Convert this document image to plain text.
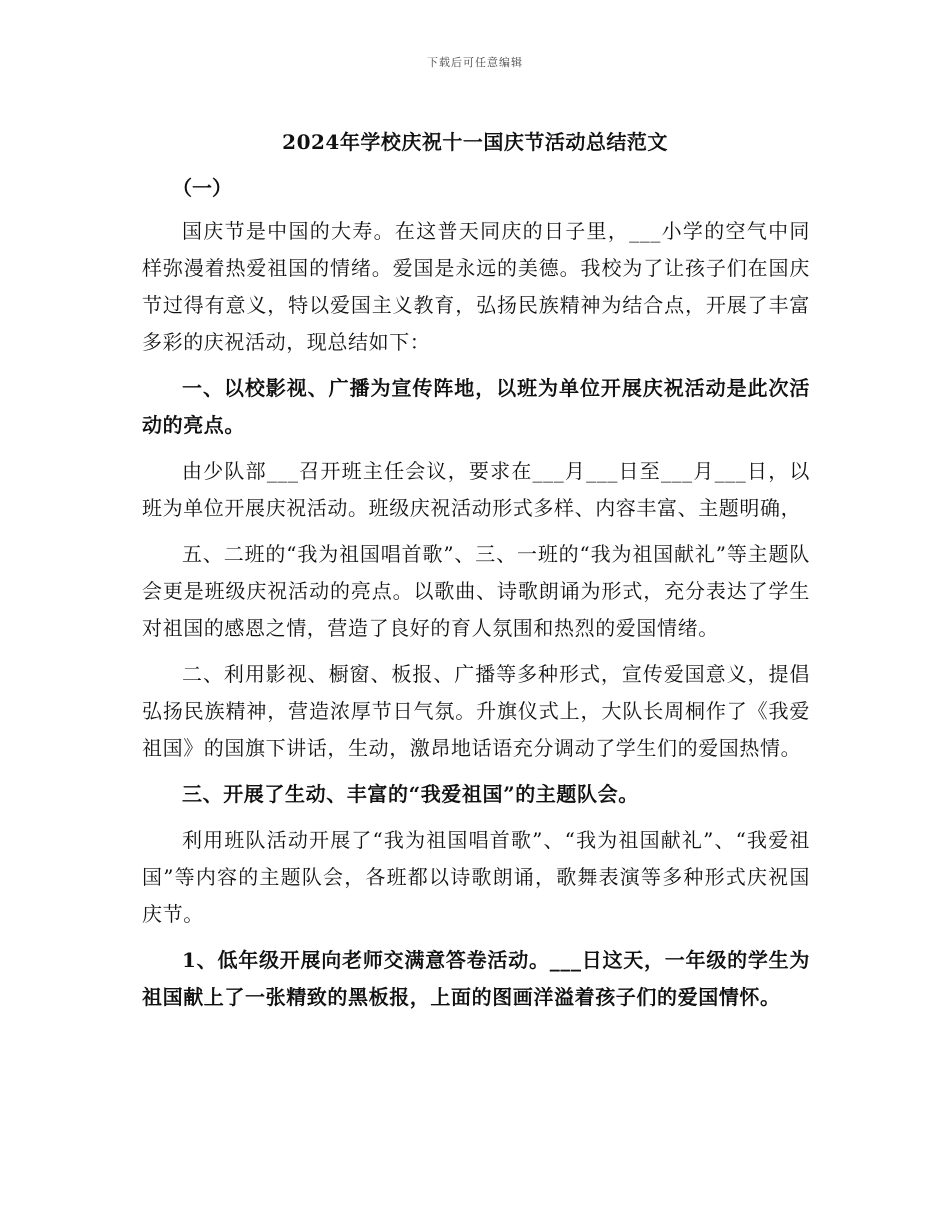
下载后可任意编辑
2024年学校庆祝十一国庆节活动总结范文
（一）

国庆节是中国的大寿。在这普天同庆的日子里，___小学的空气中同样弥漫着热爱祖国的情绪。爱国是永远的美德。我校为了让孩子们在国庆节过得有意义，特以爱国主义教育，弘扬民族精神为结合点，开展了丰富多彩的庆祝活动，现总结如下：

一、以校影视、广播为宣传阵地，以班为单位开展庆祝活动是此次活动的亮点。

由少队部___召开班主任会议，要求在___月___日至___月___日，以班为单位开展庆祝活动。班级庆祝活动形式多样、内容丰富、主题明确，

五、二班的“我为祖国唱首歌”、三、一班的“我为祖国献礼”等主题队会更是班级庆祝活动的亮点。以歌曲、诗歌朗诵为形式，充分表达了学生对祖国的感恩之情，营造了良好的育人氛围和热烈的爱国情绪。

二、利用影视、橱窗、板报、广播等多种形式，宣传爱国意义，提倡弘扬民族精神，营造浓厚节日气氛。升旗仪式上，大队长周桐作了《我爱祖国》的国旗下讲话，生动，激昂地话语充分调动了学生们的爱国热情。

三、开展了生动、丰富的“我爱祖国”的主题队会。

利用班队活动开展了“我为祖国唱首歌”、“我为祖国献礼”、“我爱祖国”等内容的主题队会，各班都以诗歌朗诵，歌舞表演等多种形式庆祝国庆节。

1、低年级开展向老师交满意答卷活动。___日这天，一年级的学生为祖国献上了一张精致的黑板报，上面的图画洋溢着孩子们的爱国情怀。
